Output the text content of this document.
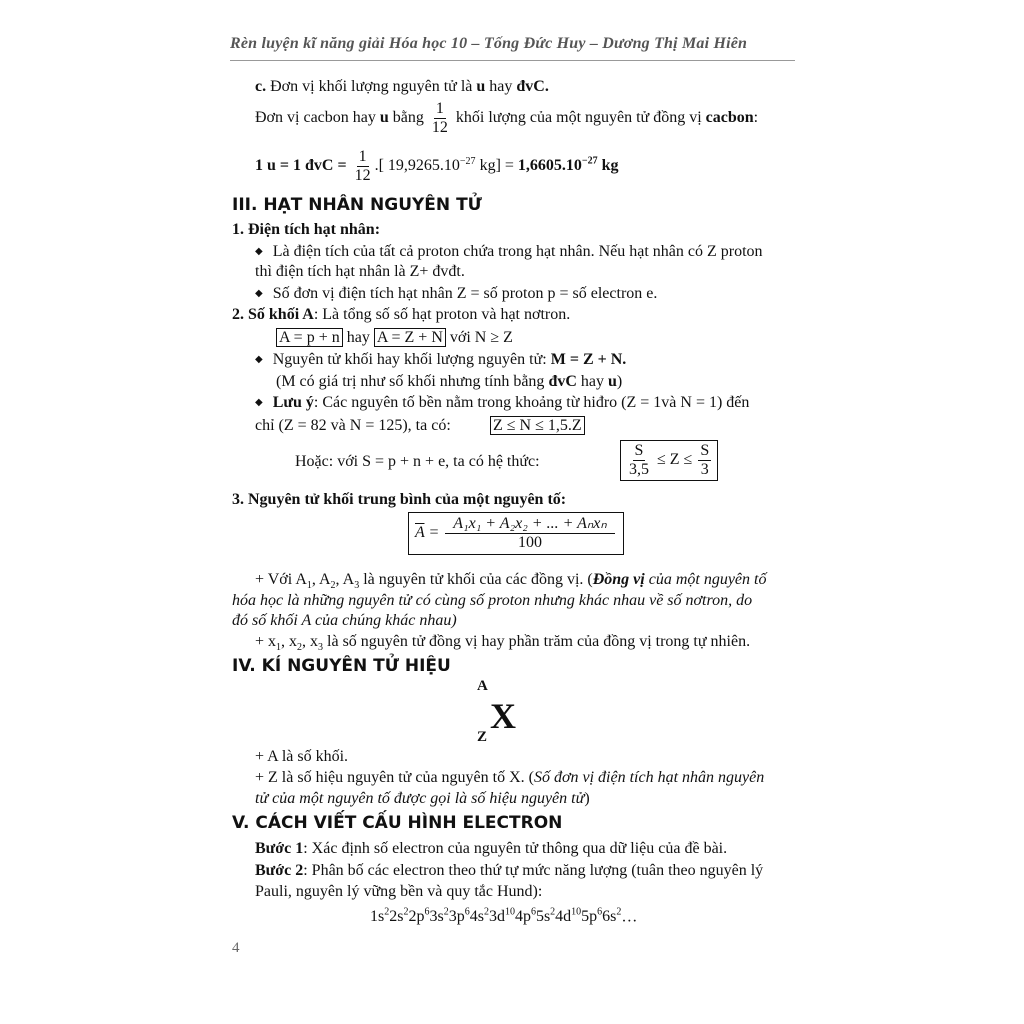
Rèn luyện kĩ năng giải Hóa học 10 – Tống Đức Huy – Dương Thị Mai Hiên
c. Đơn vị khối lượng nguyên tử là u hay đvC.
Đơn vị cacbon hay u bằng $\frac{1}{12}$ khối lượng của một nguyên tử đồng vị cacbon:
1 u = 1 đvC = $\frac{1}{12}$ .[ $19,9265.10^{-27}$ $kg] = 1,6605.10^{-27}$ kg
III. HẠT NHÂN NGUYÊN TỬ
1. Điện tích hạt nhân:
◆ Là điện tích của tất cả proton chứa trong hạt nhân. Nếu hạt nhân có Z proton
thì điện tích hạt nhân là Z+ đvđt.
◆ Số đơn vị điện tích hạt nhân Z = số proton p = số electron e.
2. Số khối A: Là tổng số số hạt proton và hạt nơtron.
A = p + n hay A = Z + N với N ≥ Z
◆ Nguyên tử khối hay khối lượng nguyên tử: M = Z + N.
(M có giá trị như số khối nhưng tính bằng đvC hay u)
◆ Lưu ý: Các nguyên tố bền nằm trong khoảng từ hiđro (Z = 1và N = 1) đến
chỉ (Z = 82 và N = 125), ta có:	Z ≤ N ≤ 1,5.Z
Hoặc: với S = p + n + e, ta có hệ thức:	$\frac{S}{3,5} \le Z \le \frac{S}{3}$
3. Nguyên tử khối trung bình của một nguyên tố:
$\overline{A} = \frac{\text{A₁x₁ + A₂x₂ + ... + Aₙxₙ}}{100}$
+ Với $A_1$, $A_2$, $A_3$ là nguyên tử khối của các đồng vị. (Đồng vị của một nguyên tố
hóa học là những nguyên tử có cùng số proton nhưng khác nhau về số nơtron, do
đó số khối A của chúng khác nhau)
+ $x_1$, $x_2$, $x_3$ là số nguyên tử đồng vị hay phần trăm của đồng vị trong tự nhiên.
IV. KÍ NGUYÊN TỬ HIỆU
A
X
Z
+ A là số khối.
+ Z là số hiệu nguyên tử của nguyên tố X. (Số đơn vị điện tích hạt nhân nguyên
tử của một nguyên tố được gọi là số hiệu nguyên tử)
V. CÁCH VIẾT CẤU HÌNH ELECTRON
Bước 1: Xác định số electron của nguyên tử thông qua dữ liệu của đề bài.
Bước 2: Phân bố các electron theo thứ tự mức năng lượng (tuân theo nguyên lý
Pauli, nguyên lý vững bền và quy tắc Hund):
$1s^22s^22p^63s^23p^64s^23d^{10}4p^65s^24d^{10}5p^66s^2\dots$
4
